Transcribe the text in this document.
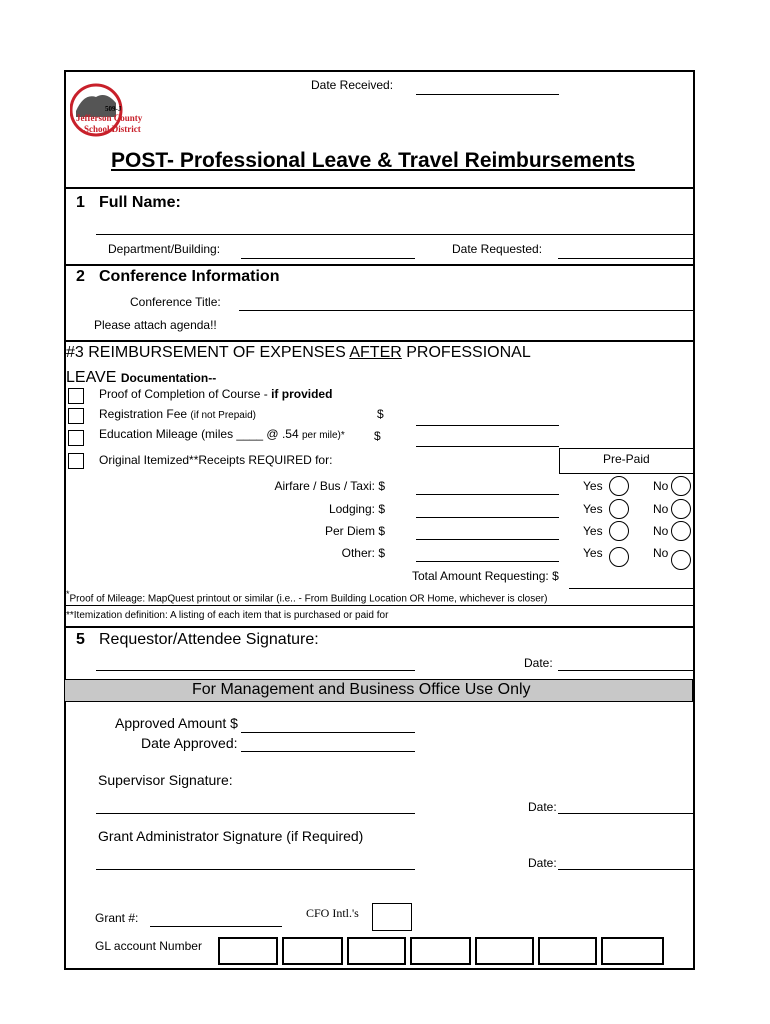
Date Received:
509-J
Jefferson County
School District
POST- Professional Leave & Travel Reimbursements
1 Full Name:
Department/Building:	Date Requested:
2 Conference Information
Conference Title:
Please attach agenda!!
#3 REIMBURSEMENT OF EXPENSES AFTER PROFESSIONAL
LEAVE Documentation--
Proof of Completion of Course - if provided
Registration Fee (if not Prepaid)	$
Education Mileage (miles ____ @ .54 per mile)* $
Original Itemized**Receipts REQUIRED for:	Pre-Paid
Airfare / Bus / Taxi: $	Yes	No
Lodging: $	Yes	No
Per Diem $	Yes	No
Other: $	Yes	No
Total Amount Requesting: $
*Proof of Mileage: MapQuest printout or similar (i.e.. - From Building Location OR Home, whichever is closer)
**Itemization definition: A listing of each item that is purchased or paid for
5 Requestor/Attendee Signature:
Date:
For Management and Business Office Use Only
Approved Amount $
Date Approved:
Supervisor Signature:
Date:
Grant Administrator Signature (if Required)
Date:
Grant #:	CFO Intl.'s
GL account Number
